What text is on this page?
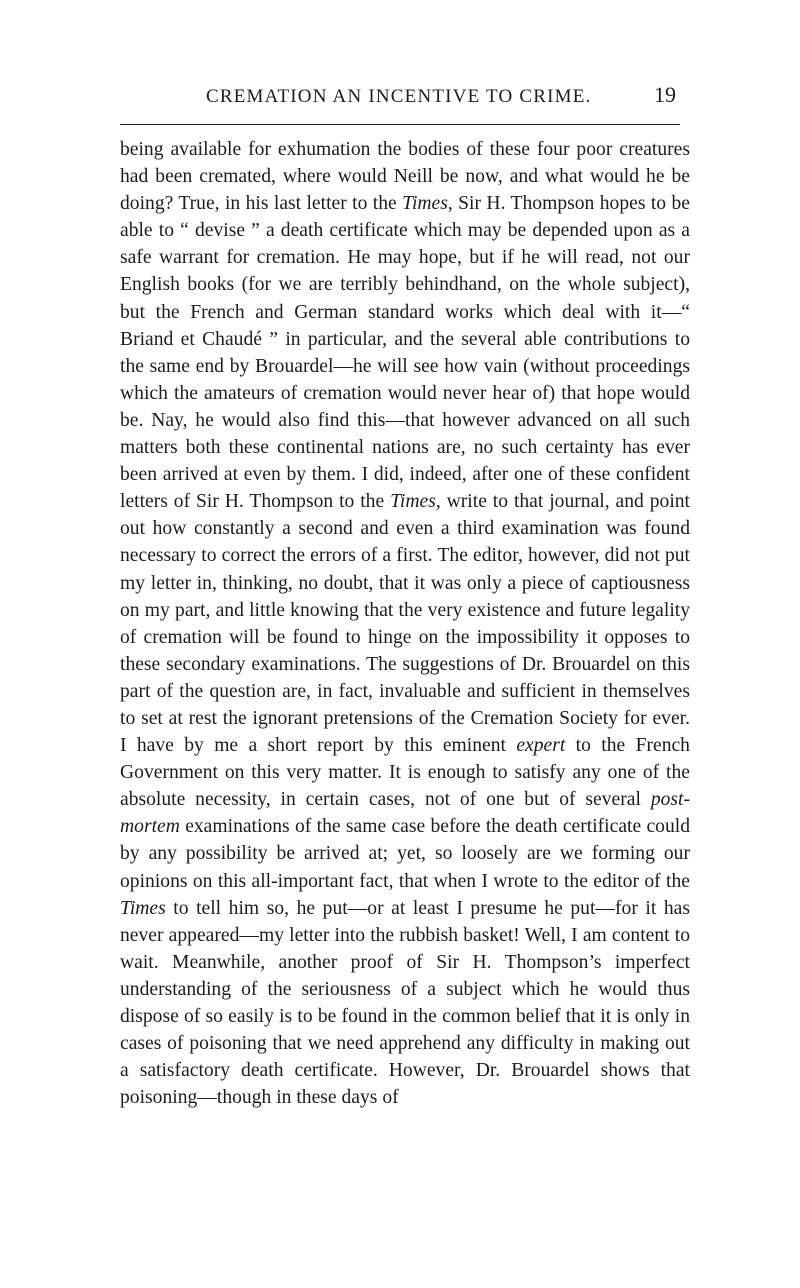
CREMATION AN INCENTIVE TO CRIME.	19

being available for exhumation the bodies of these four poor creatures had been cremated, where would Neill be now, and what would he be doing? True, in his last letter to the Times, Sir H. Thompson hopes to be able to “ devise ” a death certificate which may be depended upon as a safe warrant for cremation. He may hope, but if he will read, not our English books (for we are terribly behindhand, on the whole subject), but the French and German standard works which deal with it—“ Briand et Chaudé ” in particular, and the several able contributions to the same end by Brouardel—he will see how vain (without proceedings which the amateurs of cremation would never hear of) that hope would be. Nay, he would also find this—that however advanced on all such matters both these continental nations are, no such certainty has ever been arrived at even by them. I did, indeed, after one of these confident letters of Sir H. Thompson to the Times, write to that journal, and point out how constantly a second and even a third examination was found necessary to correct the errors of a first. The editor, however, did not put my letter in, thinking, no doubt, that it was only a piece of captiousness on my part, and little knowing that the very existence and future legality of cremation will be found to hinge on the impossibility it opposes to these secondary examinations. The suggestions of Dr. Brouardel on this part of the question are, in fact, invaluable and sufficient in themselves to set at rest the ignorant pretensions of the Cremation Society for ever. I have by me a short report by this eminent expert to the French Government on this very matter. It is enough to satisfy any one of the absolute necessity, in certain cases, not of one but of several post-mortem examinations of the same case before the death certificate could by any possibility be arrived at; yet, so loosely are we forming our opinions on this all-important fact, that when I wrote to the editor of the Times to tell him so, he put—or at least I presume he put—for it has never appeared—my letter into the rubbish basket! Well, I am content to wait. Meanwhile, another proof of Sir H. Thompson’s imperfect understanding of the seriousness of a subject which he would thus dispose of so easily is to be found in the common belief that it is only in cases of poisoning that we need apprehend any difficulty in making out a satisfactory death certificate. However, Dr. Brouardel shows that poisoning—though in these days of
